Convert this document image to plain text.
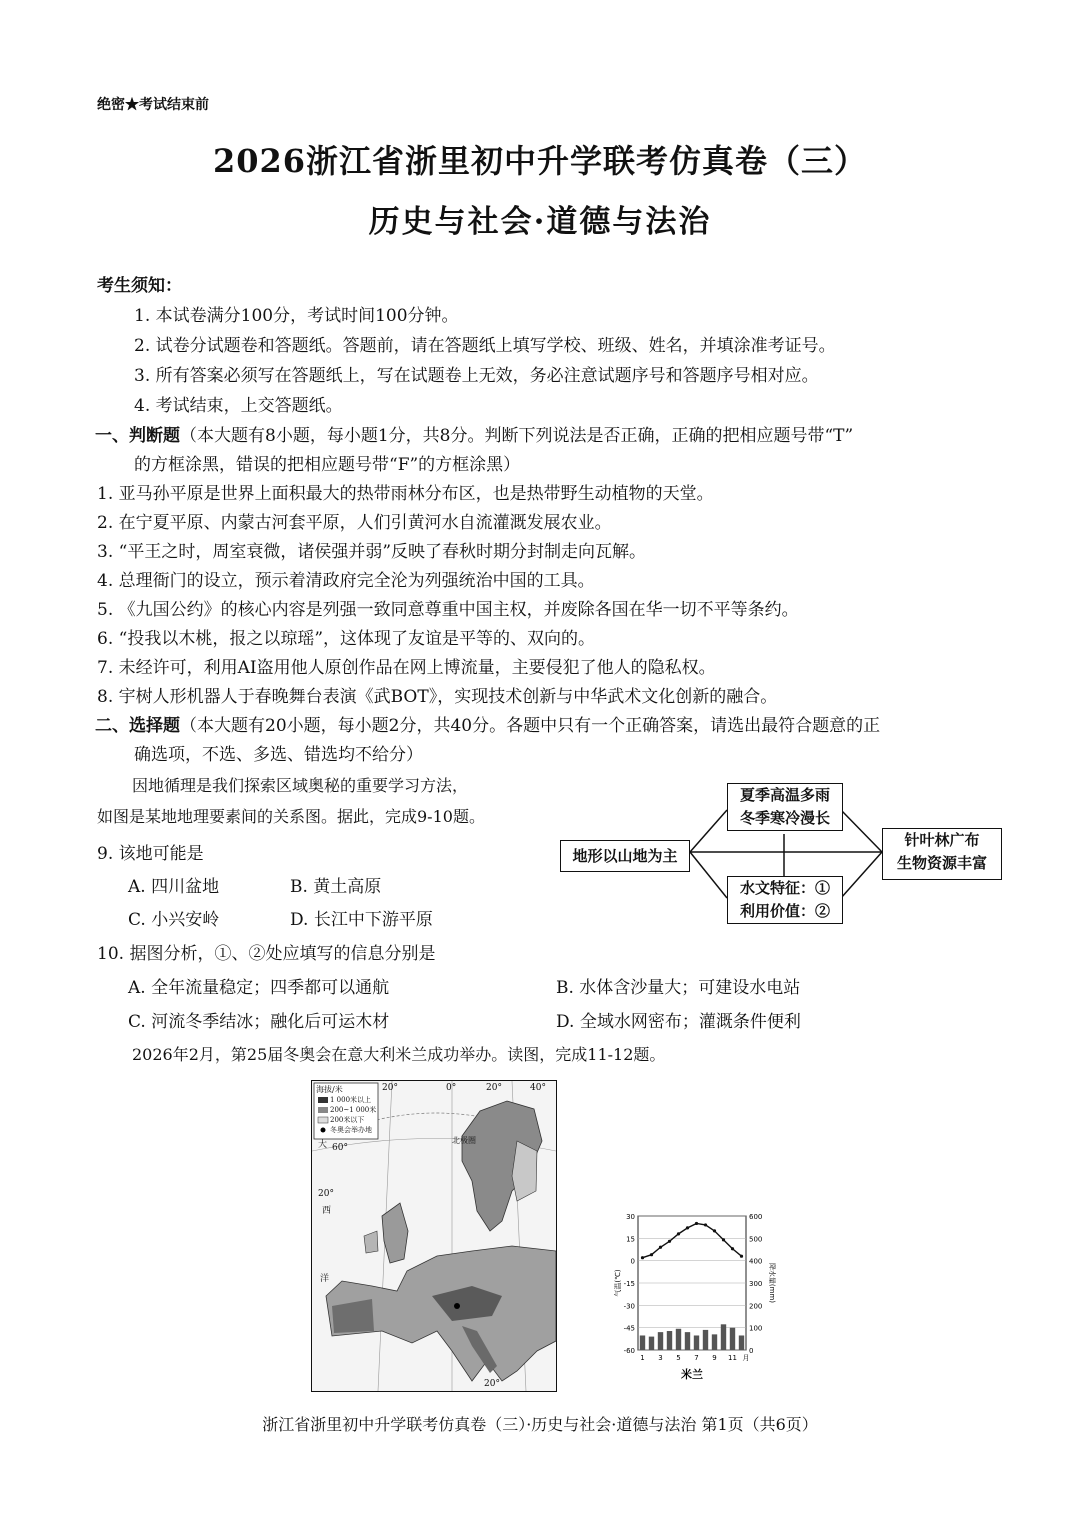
绝密★考试结束前
2026浙江省浙里初中升学联考仿真卷（三）
历史与社会·道德与法治
考生须知：
1. 本试卷满分100分，考试时间100分钟。
2. 试卷分试题卷和答题纸。答题前，请在答题纸上填写学校、班级、姓名，并填涂准考证号。
3. 所有答案必须写在答题纸上，写在试题卷上无效，务必注意试题序号和答题序号相对应。
4. 考试结束，上交答题纸。
一、判断题（本大题有8小题，每小题1分，共8分。判断下列说法是否正确，正确的把相应题号带“T”
的方框涂黑，错误的把相应题号带“F”的方框涂黑）
1. 亚马孙平原是世界上面积最大的热带雨林分布区，也是热带野生动植物的天堂。
2. 在宁夏平原、内蒙古河套平原，人们引黄河水自流灌溉发展农业。
3. “平王之时，周室衰微，诸侯强并弱”反映了春秋时期分封制走向瓦解。
4. 总理衙门的设立，预示着清政府完全沦为列强统治中国的工具。
5. 《九国公约》的核心内容是列强一致同意尊重中国主权，并废除各国在华一切不平等条约。
6. “投我以木桃，报之以琼瑶”，这体现了友谊是平等的、双向的。
7. 未经许可，利用AI盗用他人原创作品在网上博流量，主要侵犯了他人的隐私权。
8. 宇树人形机器人于春晚舞台表演《武BOT》，实现技术创新与中华武术文化创新的融合。
二、选择题（本大题有20小题，每小题2分，共40分。各题中只有一个正确答案，请选出最符合题意的正
确选项，不选、多选、错选均不给分）
因地循理是我们探索区域奥秘的重要学习方法，
如图是某地地理要素间的关系图。据此，完成9-10题。
9. 该地可能是
A. 四川盆地	B. 黄土高原
C. 小兴安岭	D. 长江中下游平原
10. 据图分析，①、②处应填写的信息分别是
A. 全年流量稳定；四季都可以通航	B. 水体含沙量大；可建设水电站
C. 河流冬季结冰；融化后可运木材	D. 全域水网密布；灌溉条件便利
2026年2月，第25届冬奥会在意大利米兰成功举办。读图，完成11-12题。
夏季高温多雨
冬季寒冷漫长
地形以山地为主
针叶林广布
生物资源丰富
水文特征：①
利用价值：②
海拔/米
1 000米以上
200~1 000米
200米以下
冬奥会举办地
20°	0°	20°	40°
60°
20°
20°
北极圈
大
西
洋
30	600
15	500
0	400
-15	300
-30	200
-45	100
-60	0
1 3 5 7 9 11 月
气温(℃)	降水量(mm)
米兰
浙江省浙里初中升学联考仿真卷（三）·历史与社会·道德与法治 第1页（共6页）
